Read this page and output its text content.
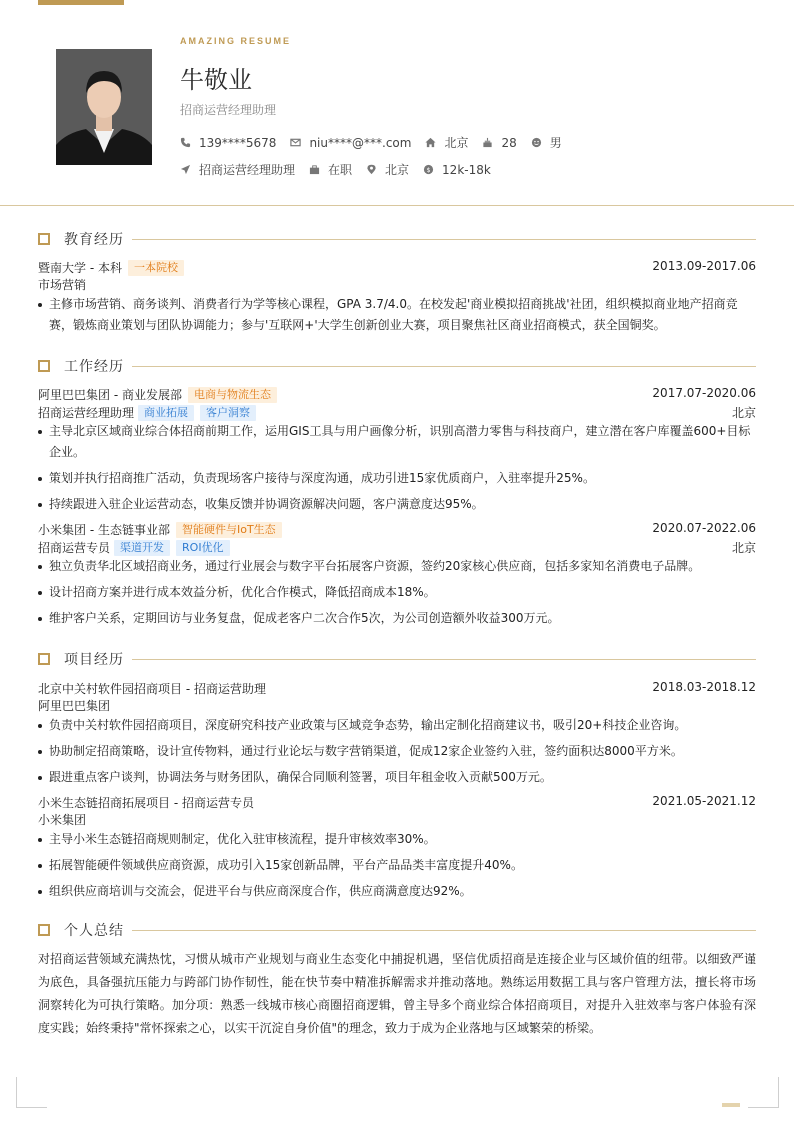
AMAZING RESUME
牛敬业
招商运营经理助理
139****5678	niu****@***.com	北京	28	男
招商运营经理助理	在职	北京 $ 12k-18k
教育经历
暨南大学 - 本科	一本院校	2013.09-2017.06
市场营销
主修市场营销、商务谈判、消费者行为学等核心课程，GPA 3.7/4.0。在校发起'商业模拟招商挑战'社团，组织模拟商业地产招商竞赛，锻炼商业策划与团队协调能力；参与'互联网+'大学生创新创业大赛，项目聚焦社区商业招商模式，获全国铜奖。
工作经历
阿里巴巴集团 - 商业发展部	电商与物流生态	2017.07-2020.06
招商运营经理助理 商业拓展	客户洞察	北京
主导北京区域商业综合体招商前期工作，运用GIS工具与用户画像分析，识别高潜力零售与科技商户，建立潜在客户库覆盖600+目标企业。
策划并执行招商推广活动，负责现场客户接待与深度沟通，成功引进15家优质商户，入驻率提升25%。
持续跟进入驻企业运营动态，收集反馈并协调资源解决问题，客户满意度达95%。
小米集团 - 生态链事业部	智能硬件与IoT生态	2020.07-2022.06
招商运营专员 渠道开发	ROI优化	北京
独立负责华北区域招商业务，通过行业展会与数字平台拓展客户资源，签约20家核心供应商，包括多家知名消费电子品牌。
设计招商方案并进行成本效益分析，优化合作模式，降低招商成本18%。
维护客户关系，定期回访与业务复盘，促成老客户二次合作5次，为公司创造额外收益300万元。
项目经历
北京中关村软件园招商项目 - 招商运营助理	2018.03-2018.12
阿里巴巴集团
负责中关村软件园招商项目，深度研究科技产业政策与区域竞争态势，输出定制化招商建议书，吸引20+科技企业咨询。
协助制定招商策略，设计宣传物料，通过行业论坛与数字营销渠道，促成12家企业签约入驻，签约面积达8000平方米。
跟进重点客户谈判，协调法务与财务团队，确保合同顺利签署，项目年租金收入贡献500万元。
小米生态链招商拓展项目 - 招商运营专员	2021.05-2021.12
小米集团
主导小米生态链招商规则制定，优化入驻审核流程，提升审核效率30%。
拓展智能硬件领域供应商资源，成功引入15家创新品牌，平台产品品类丰富度提升40%。
组织供应商培训与交流会，促进平台与供应商深度合作，供应商满意度达92%。
个人总结
对招商运营领域充满热忱，习惯从城市产业规划与商业生态变化中捕捉机遇，坚信优质招商是连接企业与区域价值的纽带。以细致严谨为底色，具备强抗压能力与跨部门协作韧性，能在快节奏中精准拆解需求并推动落地。熟练运用数据工具与客户管理方法，擅长将市场洞察转化为可执行策略。加分项：熟悉一线城市核心商圈招商逻辑，曾主导多个商业综合体招商项目，对提升入驻效率与客户体验有深度实践；始终秉持"常怀探索之心，以实干沉淀自身价值"的理念，致力于成为企业落地与区域繁荣的桥梁。
